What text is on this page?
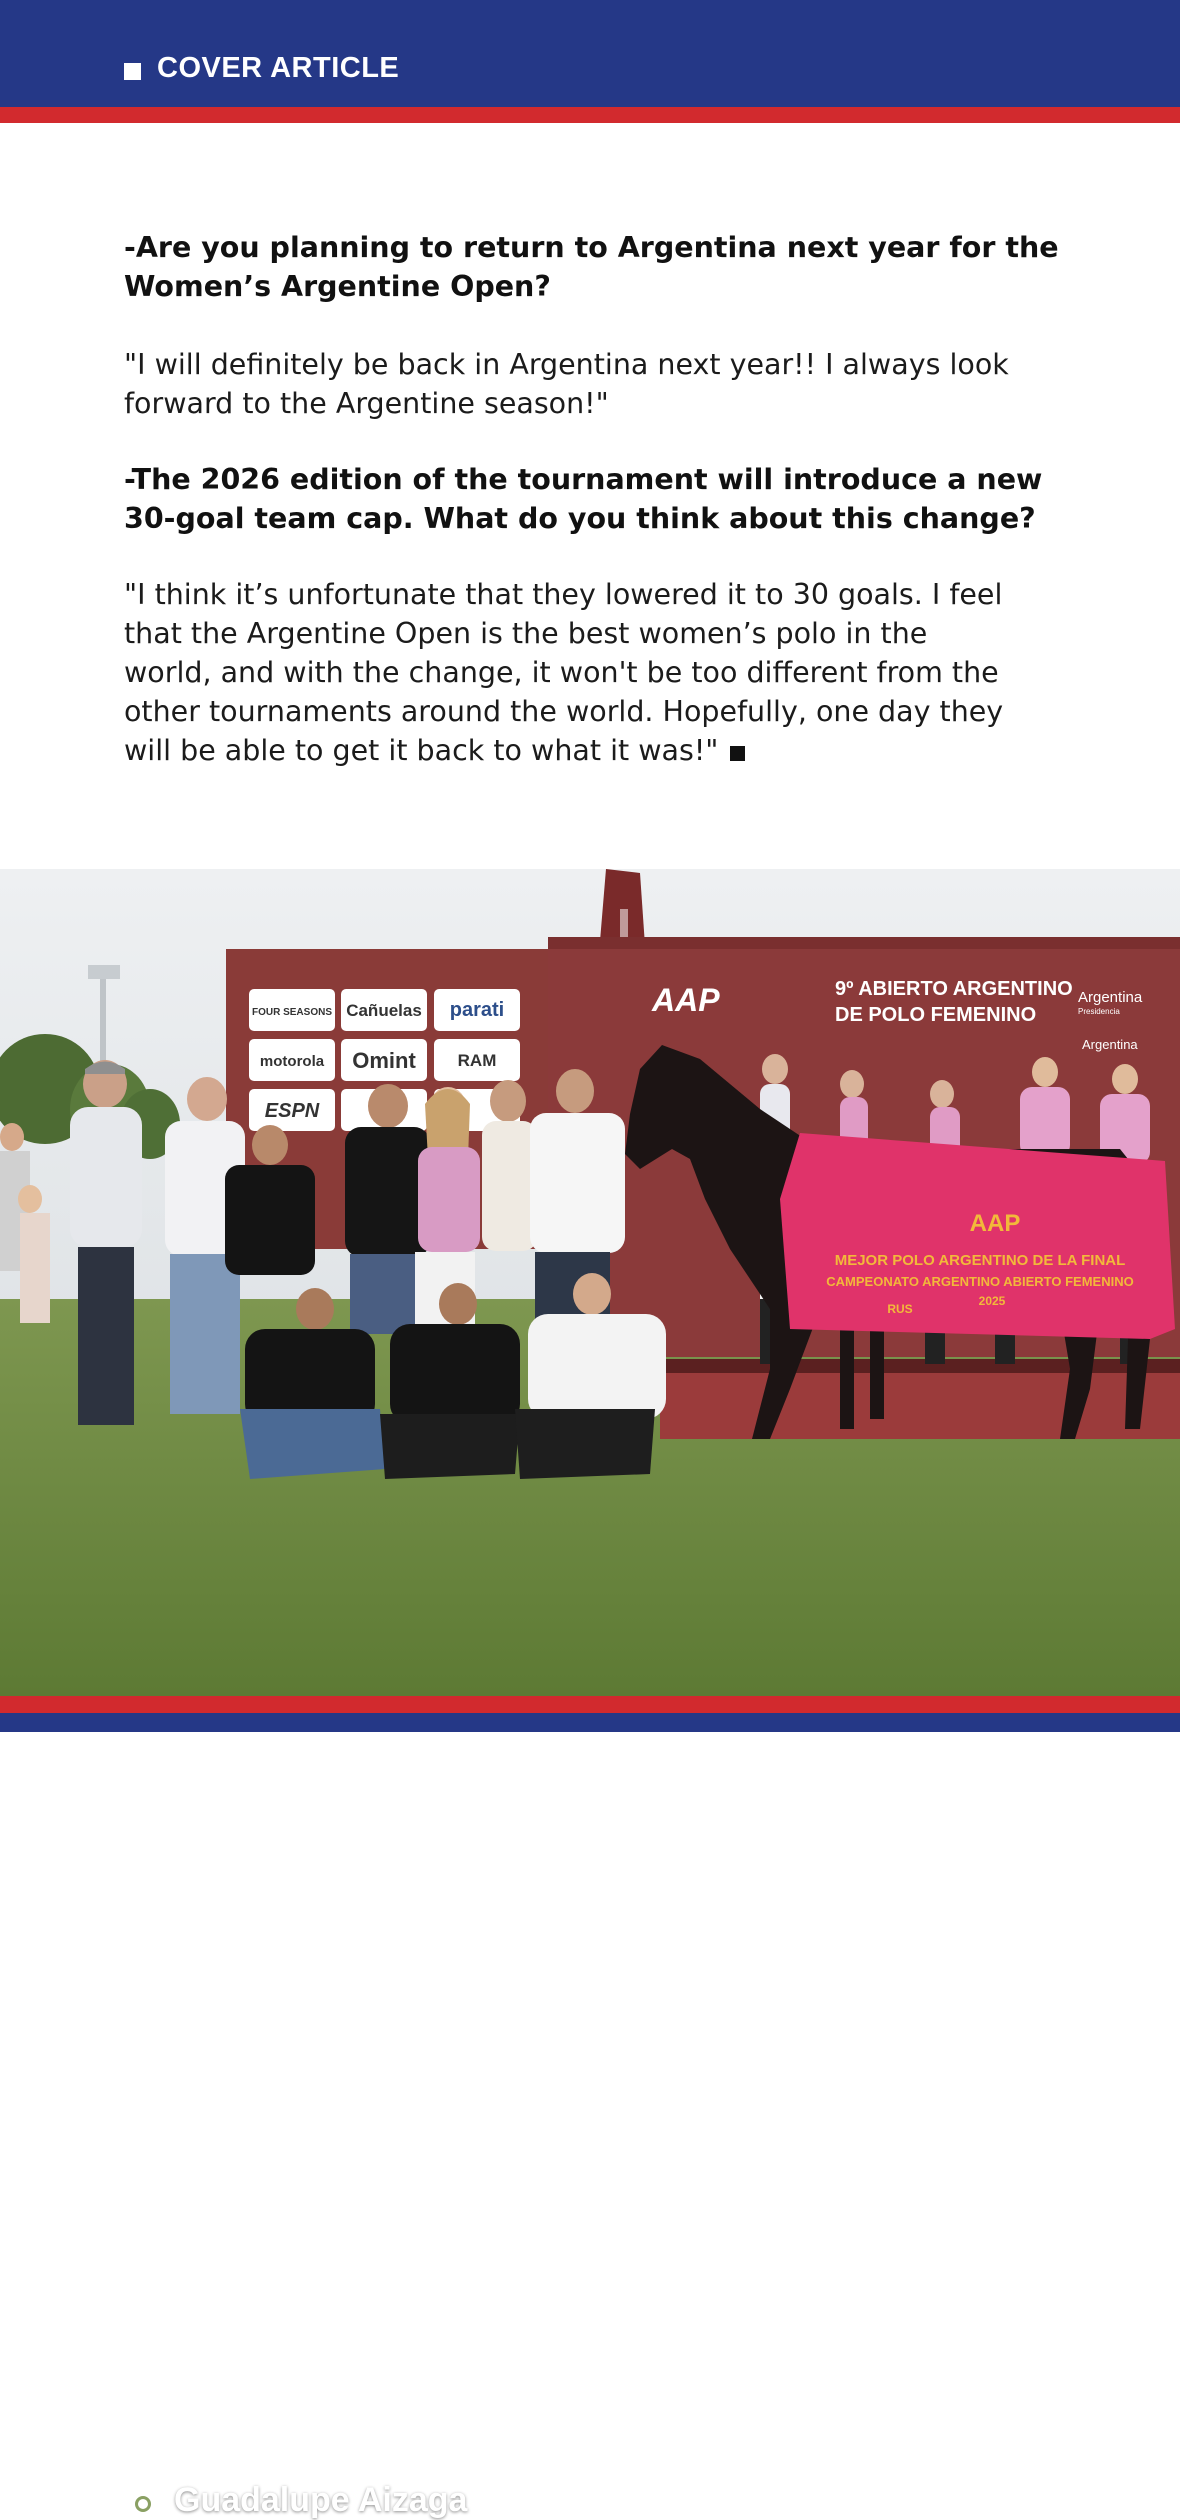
COVER ARTICLE

-Are you planning to return to Argentina next year for the
Women’s Argentine Open?

"I will definitely be back in Argentina next year!! I always look
forward to the Argentine season!"

-The 2026 edition of the tournament will introduce a new
30-goal team cap. What do you think about this change?

"I think it’s unfortunate that they lowered it to 30 goals. I feel
that the Argentine Open is the best women’s polo in the
world, and with the change, it won't be too different from the
other tournaments around the world. Hopefully, one day they
will be able to get it back to what it was!"

FOUR SEASONS Cañuelas parati
motorola Omint RAM
ESPN
AAP	9º ABIERTO ARGENTINO
DE POLO FEMENINO
Argentina
Presidencia
Argentina
AAP
MEJOR POLO ARGENTINO DE LA FINAL
CAMPEONATO ARGENTINO ABIERTO FEMENINO
2025
RUS
Guadalupe Aizaga
